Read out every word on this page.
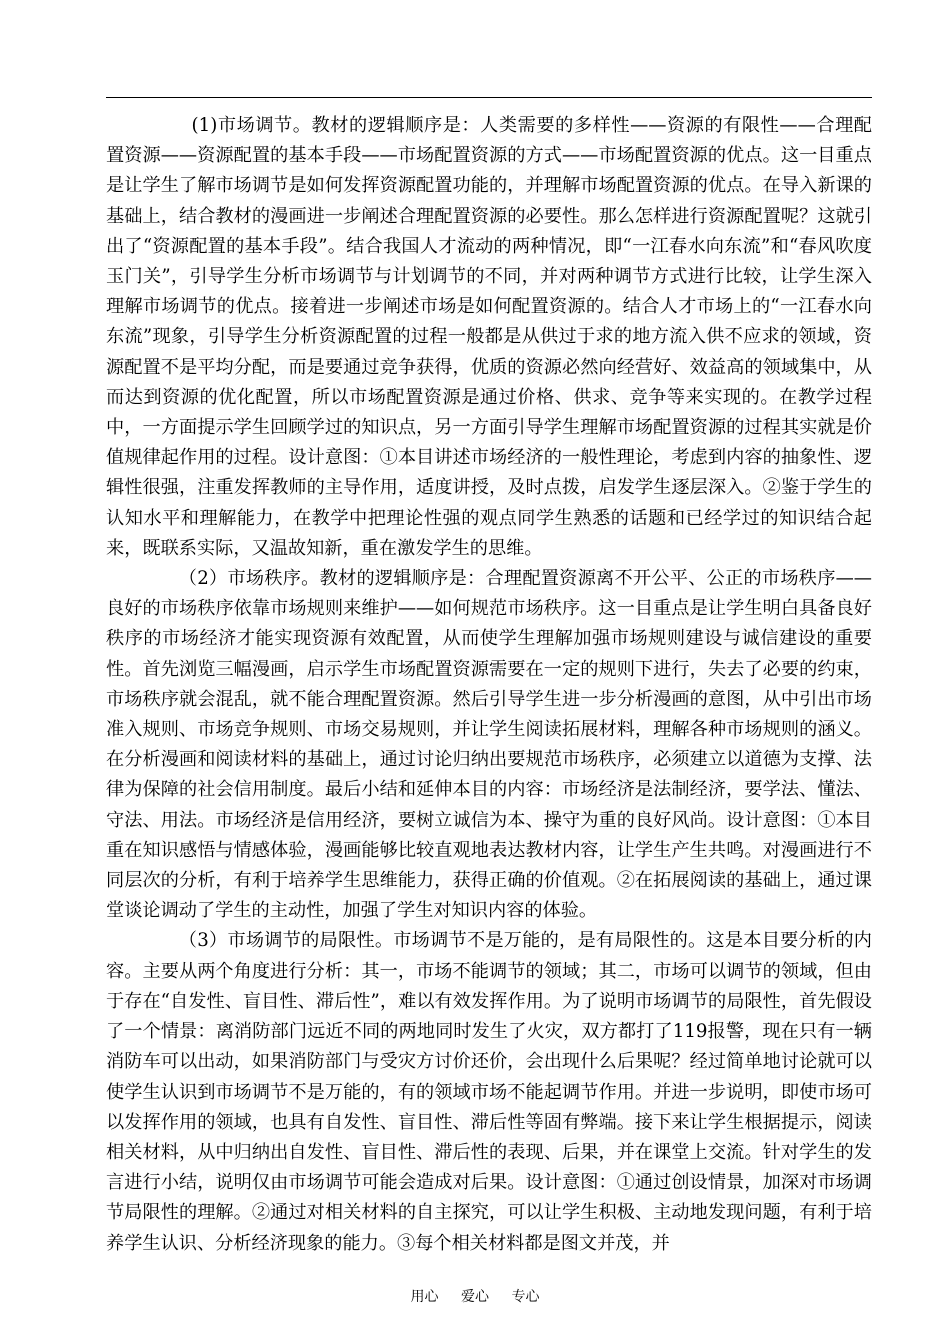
(1)市场调节。教材的逻辑顺序是：人类需要的多样性——资源的有限性——合理配置资源——资源配置的基本手段——市场配置资源的方式——市场配置资源的优点。这一目重点是让学生了解市场调节是如何发挥资源配置功能的，并理解市场配置资源的优点。在导入新课的基础上，结合教材的漫画进一步阐述合理配置资源的必要性。那么怎样进行资源配置呢？这就引出了“资源配置的基本手段”。结合我国人才流动的两种情况，即“一江春水向东流”和“春风吹度玉门关”，引导学生分析市场调节与计划调节的不同，并对两种调节方式进行比较，让学生深入理解市场调节的优点。接着进一步阐述市场是如何配置资源的。结合人才市场上的“一江春水向东流”现象，引导学生分析资源配置的过程一般都是从供过于求的地方流入供不应求的领域，资源配置不是平均分配，而是要通过竞争获得，优质的资源必然向经营好、效益高的领域集中，从而达到资源的优化配置，所以市场配置资源是通过价格、供求、竞争等来实现的。在教学过程中，一方面提示学生回顾学过的知识点，另一方面引导学生理解市场配置资源的过程其实就是价值规律起作用的过程。设计意图：①本目讲述市场经济的一般性理论，考虑到内容的抽象性、逻辑性很强，注重发挥教师的主导作用，适度讲授，及时点拨，启发学生逐层深入。②鉴于学生的认知水平和理解能力，在教学中把理论性强的观点同学生熟悉的话题和已经学过的知识结合起来，既联系实际，又温故知新，重在激发学生的思维。

（2）市场秩序。教材的逻辑顺序是：合理配置资源离不开公平、公正的市场秩序——良好的市场秩序依靠市场规则来维护——如何规范市场秩序。这一目重点是让学生明白具备良好秩序的市场经济才能实现资源有效配置，从而使学生理解加强市场规则建设与诚信建设的重要性。首先浏览三幅漫画，启示学生市场配置资源需要在一定的规则下进行，失去了必要的约束，市场秩序就会混乱，就不能合理配置资源。然后引导学生进一步分析漫画的意图，从中引出市场准入规则、市场竞争规则、市场交易规则，并让学生阅读拓展材料，理解各种市场规则的涵义。在分析漫画和阅读材料的基础上，通过讨论归纳出要规范市场秩序，必须建立以道德为支撑、法律为保障的社会信用制度。最后小结和延伸本目的内容：市场经济是法制经济，要学法、懂法、守法、用法。市场经济是信用经济，要树立诚信为本、操守为重的良好风尚。设计意图：①本目重在知识感悟与情感体验，漫画能够比较直观地表达教材内容，让学生产生共鸣。对漫画进行不同层次的分析，有利于培养学生思维能力，获得正确的价值观。②在拓展阅读的基础上，通过课堂谈论调动了学生的主动性，加强了学生对知识内容的体验。

（3）市场调节的局限性。市场调节不是万能的，是有局限性的。这是本目要分析的内容。主要从两个角度进行分析：其一，市场不能调节的领域；其二，市场可以调节的领域，但由于存在“自发性、盲目性、滞后性”，难以有效发挥作用。为了说明市场调节的局限性，首先假设了一个情景：离消防部门远近不同的两地同时发生了火灾，双方都打了119报警，现在只有一辆消防车可以出动，如果消防部门与受灾方讨价还价，会出现什么后果呢？经过简单地讨论就可以使学生认识到市场调节不是万能的，有的领域市场不能起调节作用。并进一步说明，即使市场可以发挥作用的领域，也具有自发性、盲目性、滞后性等固有弊端。接下来让学生根据提示，阅读相关材料，从中归纳出自发性、盲目性、滞后性的表现、后果，并在课堂上交流。针对学生的发言进行小结，说明仅由市场调节可能会造成对后果。设计意图：①通过创设情景，加深对市场调节局限性的理解。②通过对相关材料的自主探究，可以让学生积极、主动地发现问题，有利于培养学生认识、分析经济现象的能力。③每个相关材料都是图文并茂，并

用心 爱心 专心
